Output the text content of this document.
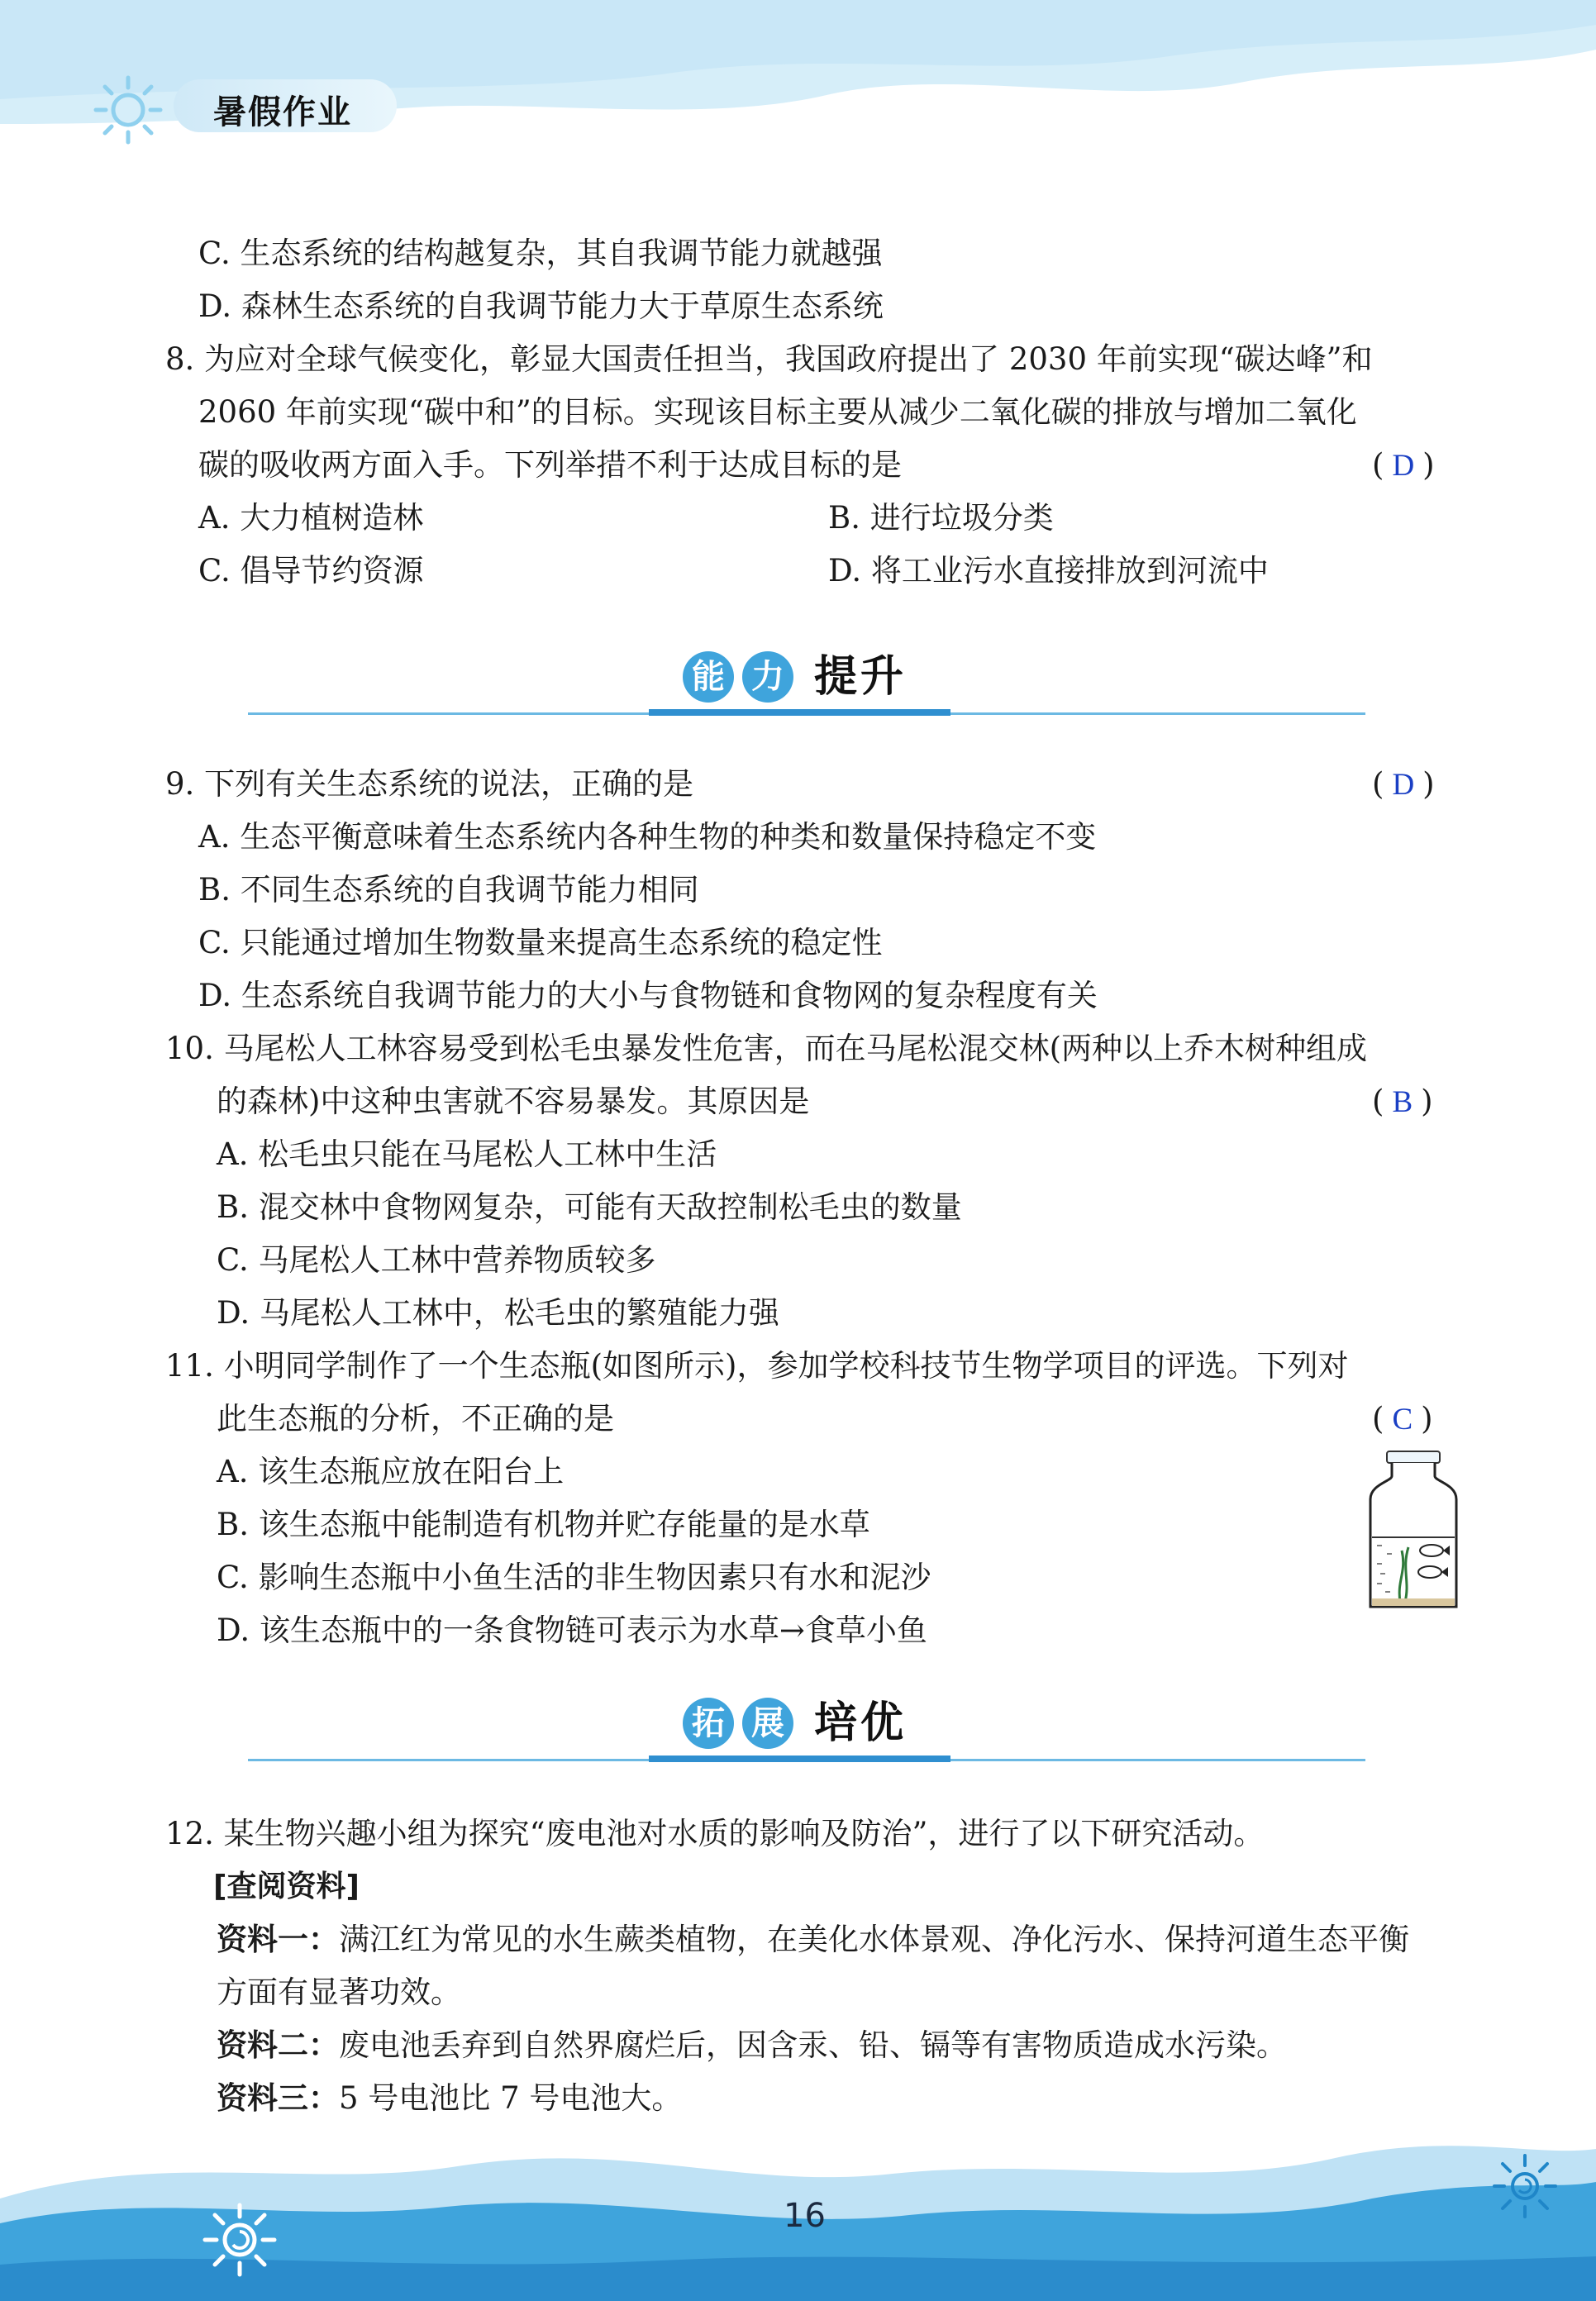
暑假作业
C. 生态系统的结构越复杂，其自我调节能力就越强
D. 森林生态系统的自我调节能力大于草原生态系统
8. 为应对全球气候变化，彰显大国责任担当，我国政府提出了 2030 年前实现“碳达峰”和
2060 年前实现“碳中和”的目标。实现该目标主要从减少二氧化碳的排放与增加二氧化
碳的吸收两方面入手。下列举措不利于达成目标的是	( D )
A. 大力植树造林	B. 进行垃圾分类
C. 倡导节约资源	D. 将工业污水直接排放到河流中
能 力 提升
9. 下列有关生态系统的说法，正确的是	( D )
A. 生态平衡意味着生态系统内各种生物的种类和数量保持稳定不变
B. 不同生态系统的自我调节能力相同
C. 只能通过增加生物数量来提高生态系统的稳定性
D. 生态系统自我调节能力的大小与食物链和食物网的复杂程度有关
10. 马尾松人工林容易受到松毛虫暴发性危害，而在马尾松混交林(两种以上乔木树种组成
的森林)中这种虫害就不容易暴发。其原因是	( B )
A. 松毛虫只能在马尾松人工林中生活
B. 混交林中食物网复杂，可能有天敌控制松毛虫的数量
C. 马尾松人工林中营养物质较多
D. 马尾松人工林中，松毛虫的繁殖能力强
11. 小明同学制作了一个生态瓶(如图所示)，参加学校科技节生物学项目的评选。下列对
此生态瓶的分析，不正确的是	( C )
A. 该生态瓶应放在阳台上
B. 该生态瓶中能制造有机物并贮存能量的是水草
C. 影响生态瓶中小鱼生活的非生物因素只有水和泥沙
D. 该生态瓶中的一条食物链可表示为水草→食草小鱼
拓 展 培优
12. 某生物兴趣小组为探究“废电池对水质的影响及防治”，进行了以下研究活动。
[查阅资料]
资料一：满江红为常见的水生蕨类植物，在美化水体景观、净化污水、保持河道生态平衡
方面有显著功效。
资料二：废电池丢弃到自然界腐烂后，因含汞、铅、镉等有害物质造成水污染。
资料三：5 号电池比 7 号电池大。
16
